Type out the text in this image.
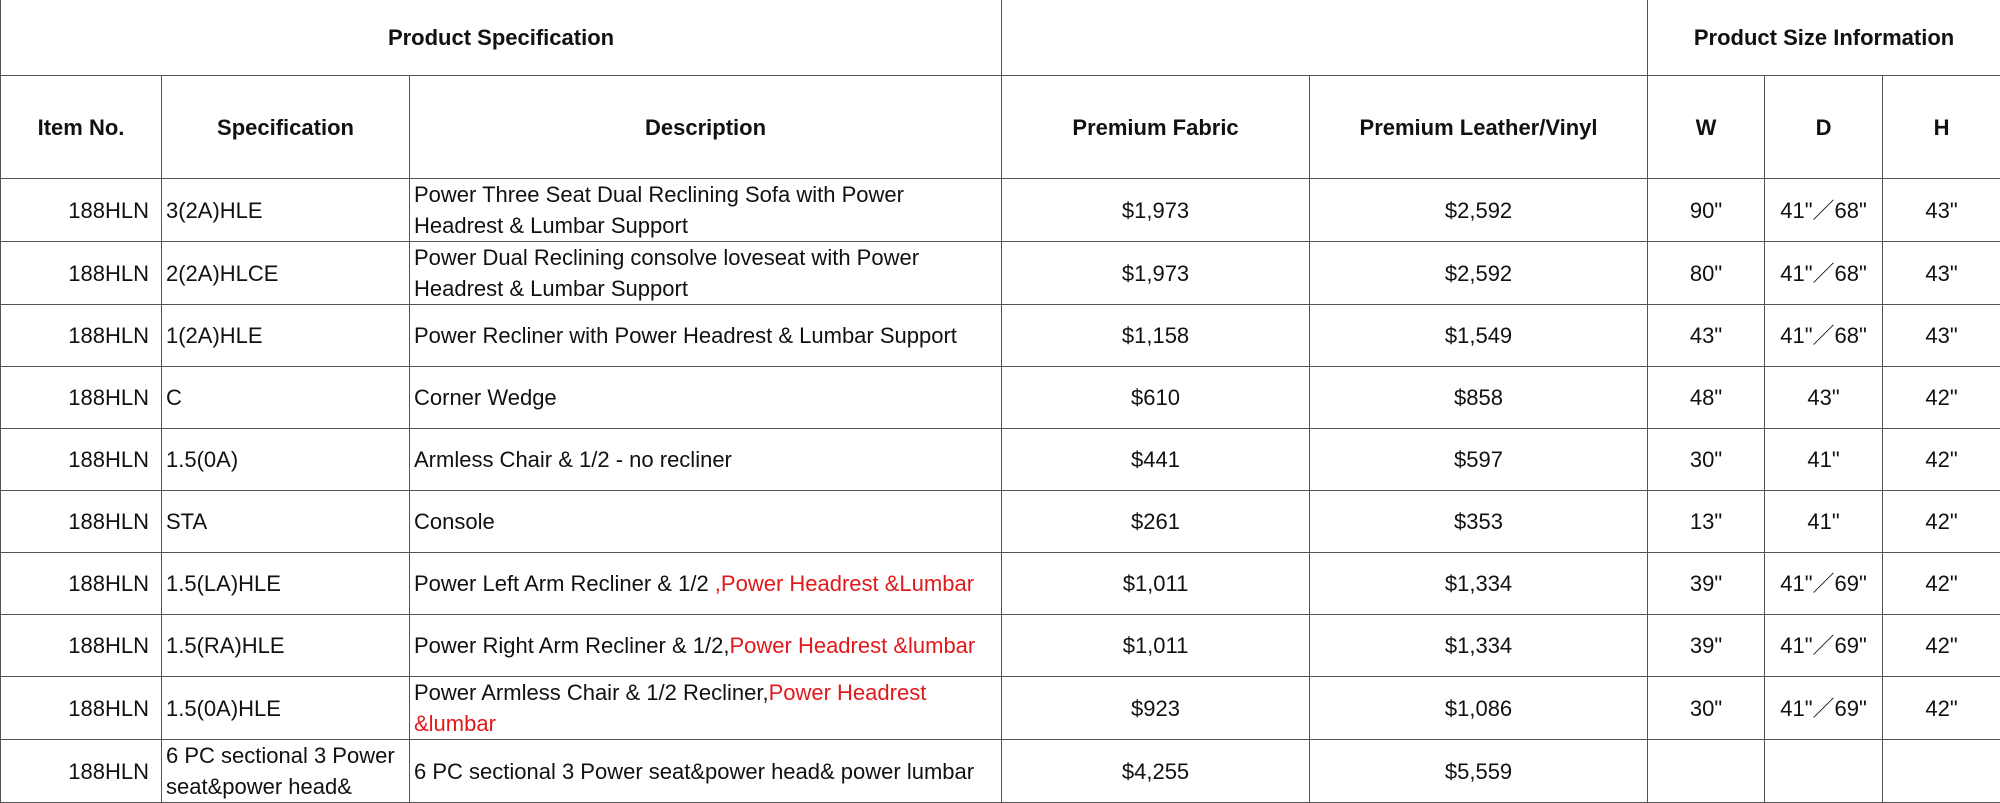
Product Specification					Product Size Information		
Item No.	Specification	Description	Premium Fabric	Premium Leather/Vinyl	W	D	H
188HLN	3(2A)HLE	Power Three Seat Dual Reclining Sofa with Power Headrest & Lumbar Support	$1,973	$2,592	90"	41"／68"	43"
188HLN	2(2A)HLCE	Power Dual Reclining consolve loveseat with Power Headrest & Lumbar Support	$1,973	$2,592	80"	41"／68"	43"
188HLN	1(2A)HLE	Power Recliner with Power Headrest & Lumbar Support	$1,158	$1,549	43"	41"／68"	43"
188HLN	C	Corner Wedge	$610	$858	48"	43"	42"
188HLN	1.5(0A)	Armless Chair & 1/2 - no recliner	$441	$597	30"	41"	42"
188HLN	STA	Console	$261	$353	13"	41"	42"
188HLN	1.5(LA)HLE	Power Left Arm Recliner & 1/2 ,Power Headrest &Lumbar	$1,011	$1,334	39"	41"／69"	42"
188HLN	1.5(RA)HLE	Power Right Arm Recliner & 1/2,Power Headrest &lumbar	$1,011	$1,334	39"	41"／69"	42"
188HLN	1.5(0A)HLE	Power Armless Chair & 1/2 Recliner,Power Headrest &lumbar	$923	$1,086	30"	41"／69"	42"
188HLN	6 PC sectional 3 Power seat&power head&	6 PC sectional 3 Power seat&power head& power lumbar	$4,255	$5,559			
